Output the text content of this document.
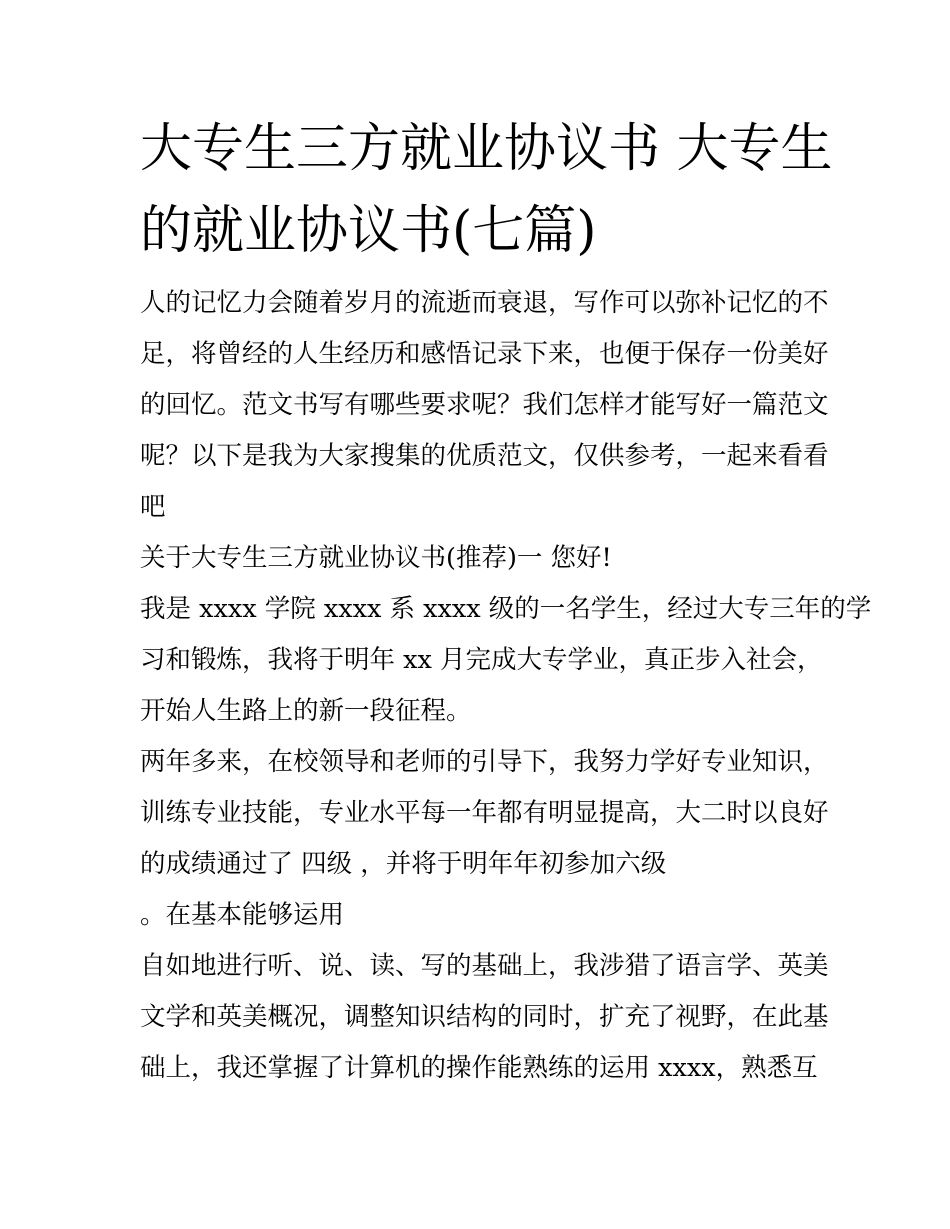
大专生三方就业协议书 大专生
的就业协议书(七篇)

人的记忆力会随着岁月的流逝而衰退，写作可以弥补记忆的不
足，将曾经的人生经历和感悟记录下来，也便于保存一份美好
的回忆。范文书写有哪些要求呢？我们怎样才能写好一篇范文
呢？以下是我为大家搜集的优质范文，仅供参考，一起来看看
吧

关于大专生三方就业协议书(推荐)一 您好!

我是 xxxx 学院 xxxx 系 xxxx 级的一名学生，经过大专三年的学
习和锻炼，我将于明年 xx 月完成大专学业，真正步入社会，
开始人生路上的新一段征程。

两年多来，在校领导和老师的引导下，我努力学好专业知识，
训练专业技能，专业水平每一年都有明显提高，大二时以良好
的成绩通过了 四级 ，并将于明年年初参加六级

。在基本能够运用

自如地进行听、说、读、写的基础上，我涉猎了语言学、英美
文学和英美概况，调整知识结构的同时，扩充了视野，在此基
础上，我还掌握了计算机的操作能熟练的运用 xxxx，熟悉互
